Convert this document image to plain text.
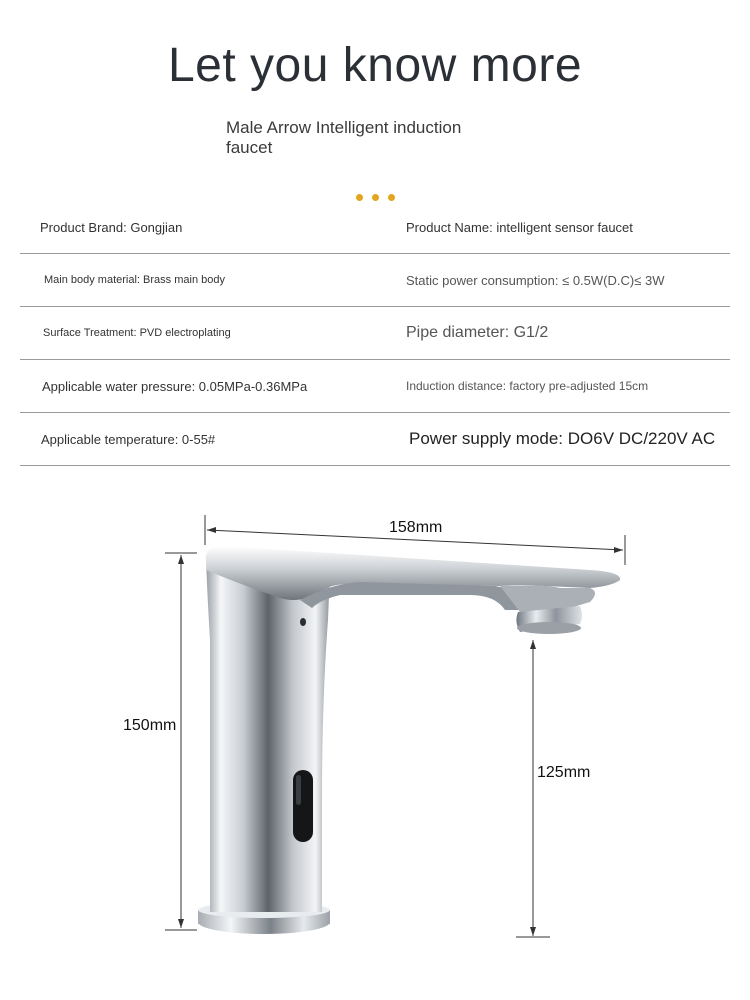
Let you know more
Male Arrow Intelligent induction faucet
Product Brand: Gongjian	Product Name: intelligent sensor faucet
Main body material: Brass main body	Static power consumption: ≤ 0.5W(D.C)≤ 3W
Surface Treatment: PVD electroplating	Pipe diameter: G1/2
Applicable water pressure: 0.05MPa-0.36MPa	Induction distance: factory pre-adjusted 15cm
Applicable temperature: 0-55#	Power supply mode: DO6V DC/220V AC
158mm
150mm
125mm
